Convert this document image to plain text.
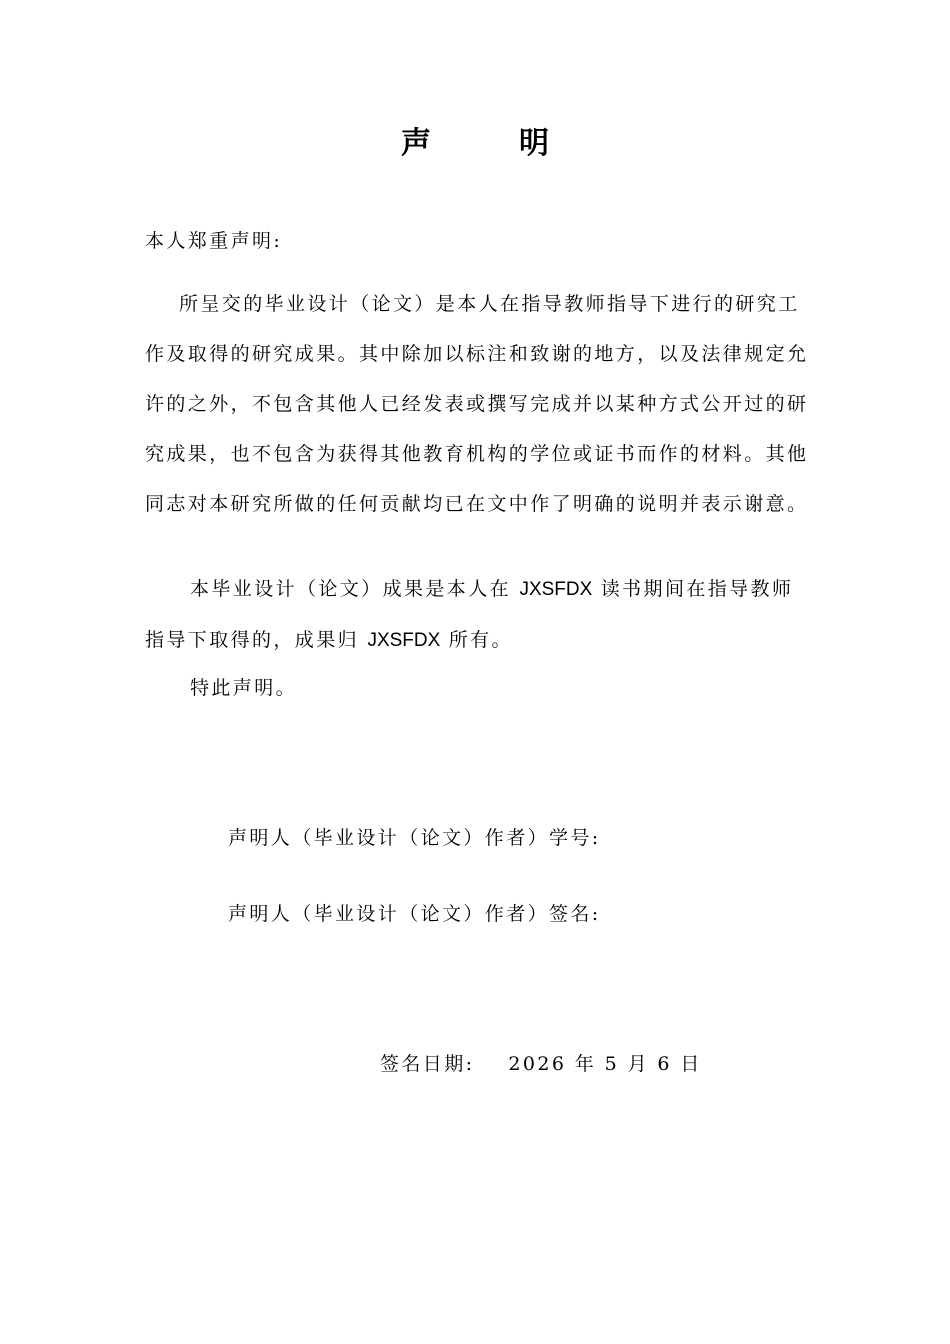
声	明
本人郑重声明:
所呈交的毕业设计（论文）是本人在指导教师指导下进行的研究工作及取得的研究成果。其中除加以标注和致谢的地方，以及法律规定允许的之外，不包含其他人已经发表或撰写完成并以某种方式公开过的研究成果，也不包含为获得其他教育机构的学位或证书而作的材料。其他同志对本研究所做的任何贡献均已在文中作了明确的说明并表示谢意。
本毕业设计（论文）成果是本人在 JXSFDX 读书期间在指导教师指导下取得的，成果归 JXSFDX 所有。
特此声明。
声明人（毕业设计（论文）作者）学号:
声明人（毕业设计（论文）作者）签名:
签名日期: 2026 年 5 月 6 日
